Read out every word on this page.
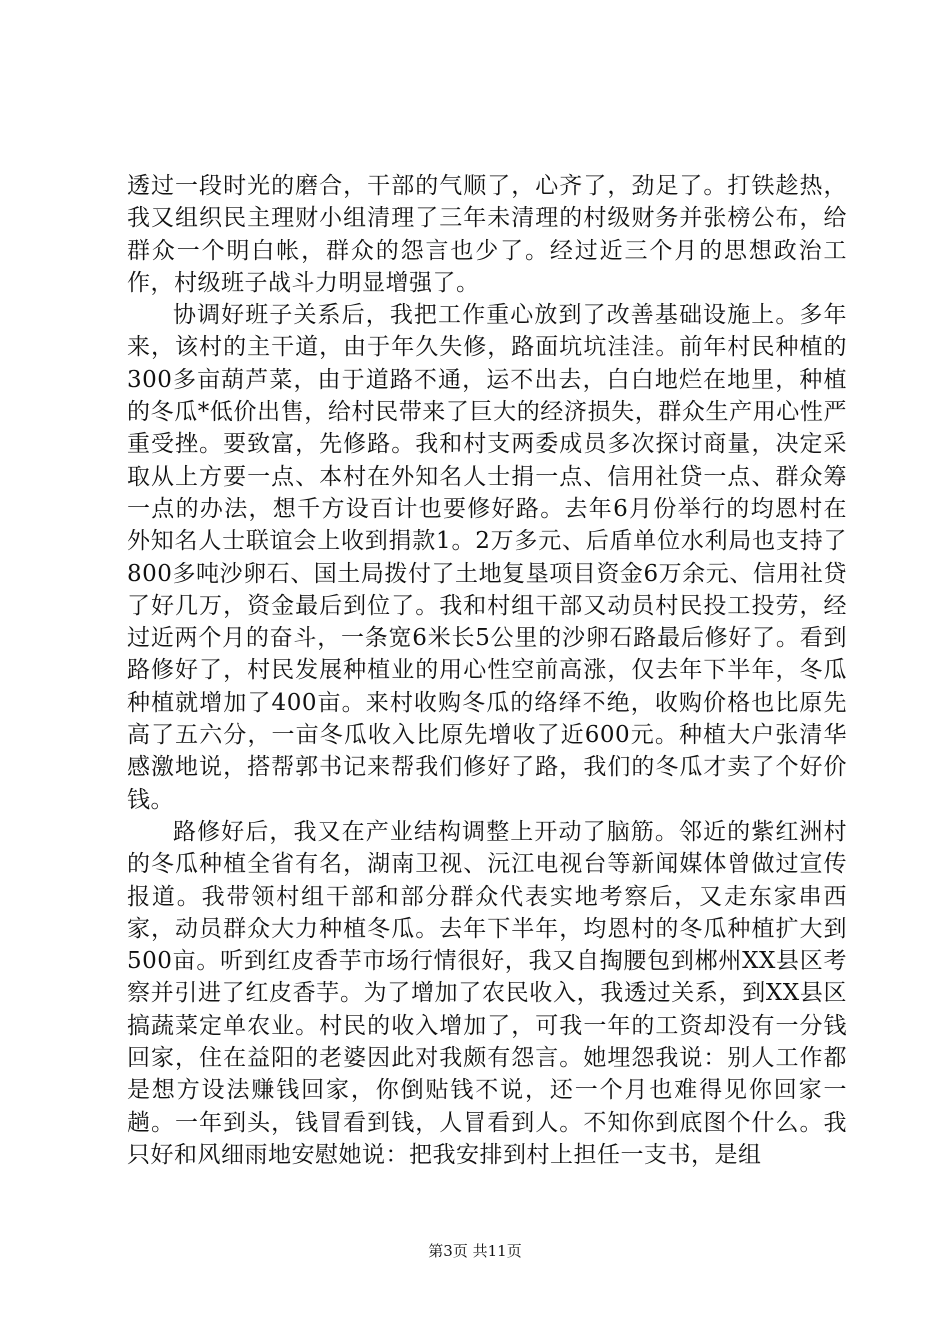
透过一段时光的磨合，干部的气顺了，心齐了，劲足了。打铁趁热，我又组织民主理财小组清理了三年未清理的村级财务并张榜公布，给群众一个明白帐，群众的怨言也少了。经过近三个月的思想政治工作，村级班子战斗力明显增强了。

协调好班子关系后，我把工作重心放到了改善基础设施上。多年来，该村的主干道，由于年久失修，路面坑坑洼洼。前年村民种植的300多亩葫芦菜，由于道路不通，运不出去，白白地烂在地里，种植的冬瓜*低价出售，给村民带来了巨大的经济损失，群众生产用心性严重受挫。要致富，先修路。我和村支两委成员多次探讨商量，决定采取从上方要一点、本村在外知名人士捐一点、信用社贷一点、群众筹一点的办法，想千方设百计也要修好路。去年6月份举行的均恩村在外知名人士联谊会上收到捐款1。2万多元、后盾单位水利局也支持了800多吨沙卵石、国土局拨付了土地复垦项目资金6万余元、信用社贷了好几万，资金最后到位了。我和村组干部又动员村民投工投劳，经过近两个月的奋斗，一条宽6米长5公里的沙卵石路最后修好了。看到路修好了，村民发展种植业的用心性空前高涨，仅去年下半年，冬瓜种植就增加了400亩。来村收购冬瓜的络绎不绝，收购价格也比原先高了五六分，一亩冬瓜收入比原先增收了近600元。种植大户张清华感激地说，搭帮郭书记来帮我们修好了路，我们的冬瓜才卖了个好价钱。

路修好后，我又在产业结构调整上开动了脑筋。邻近的紫红洲村的冬瓜种植全省有名，湖南卫视、沅江电视台等新闻媒体曾做过宣传报道。我带领村组干部和部分群众代表实地考察后，又走东家串西家，动员群众大力种植冬瓜。去年下半年，均恩村的冬瓜种植扩大到500亩。听到红皮香芋市场行情很好，我又自掏腰包到郴州XX县区考察并引进了红皮香芋。为了增加了农民收入，我透过关系，到XX县区搞蔬菜定单农业。村民的收入增加了，可我一年的工资却没有一分钱回家，住在益阳的老婆因此对我颇有怨言。她埋怨我说：别人工作都是想方设法赚钱回家，你倒贴钱不说，还一个月也难得见你回家一趟。一年到头，钱冒看到钱，人冒看到人。不知你到底图个什么。我只好和风细雨地安慰她说：把我安排到村上担任一支书，是组

第3页 共11页
